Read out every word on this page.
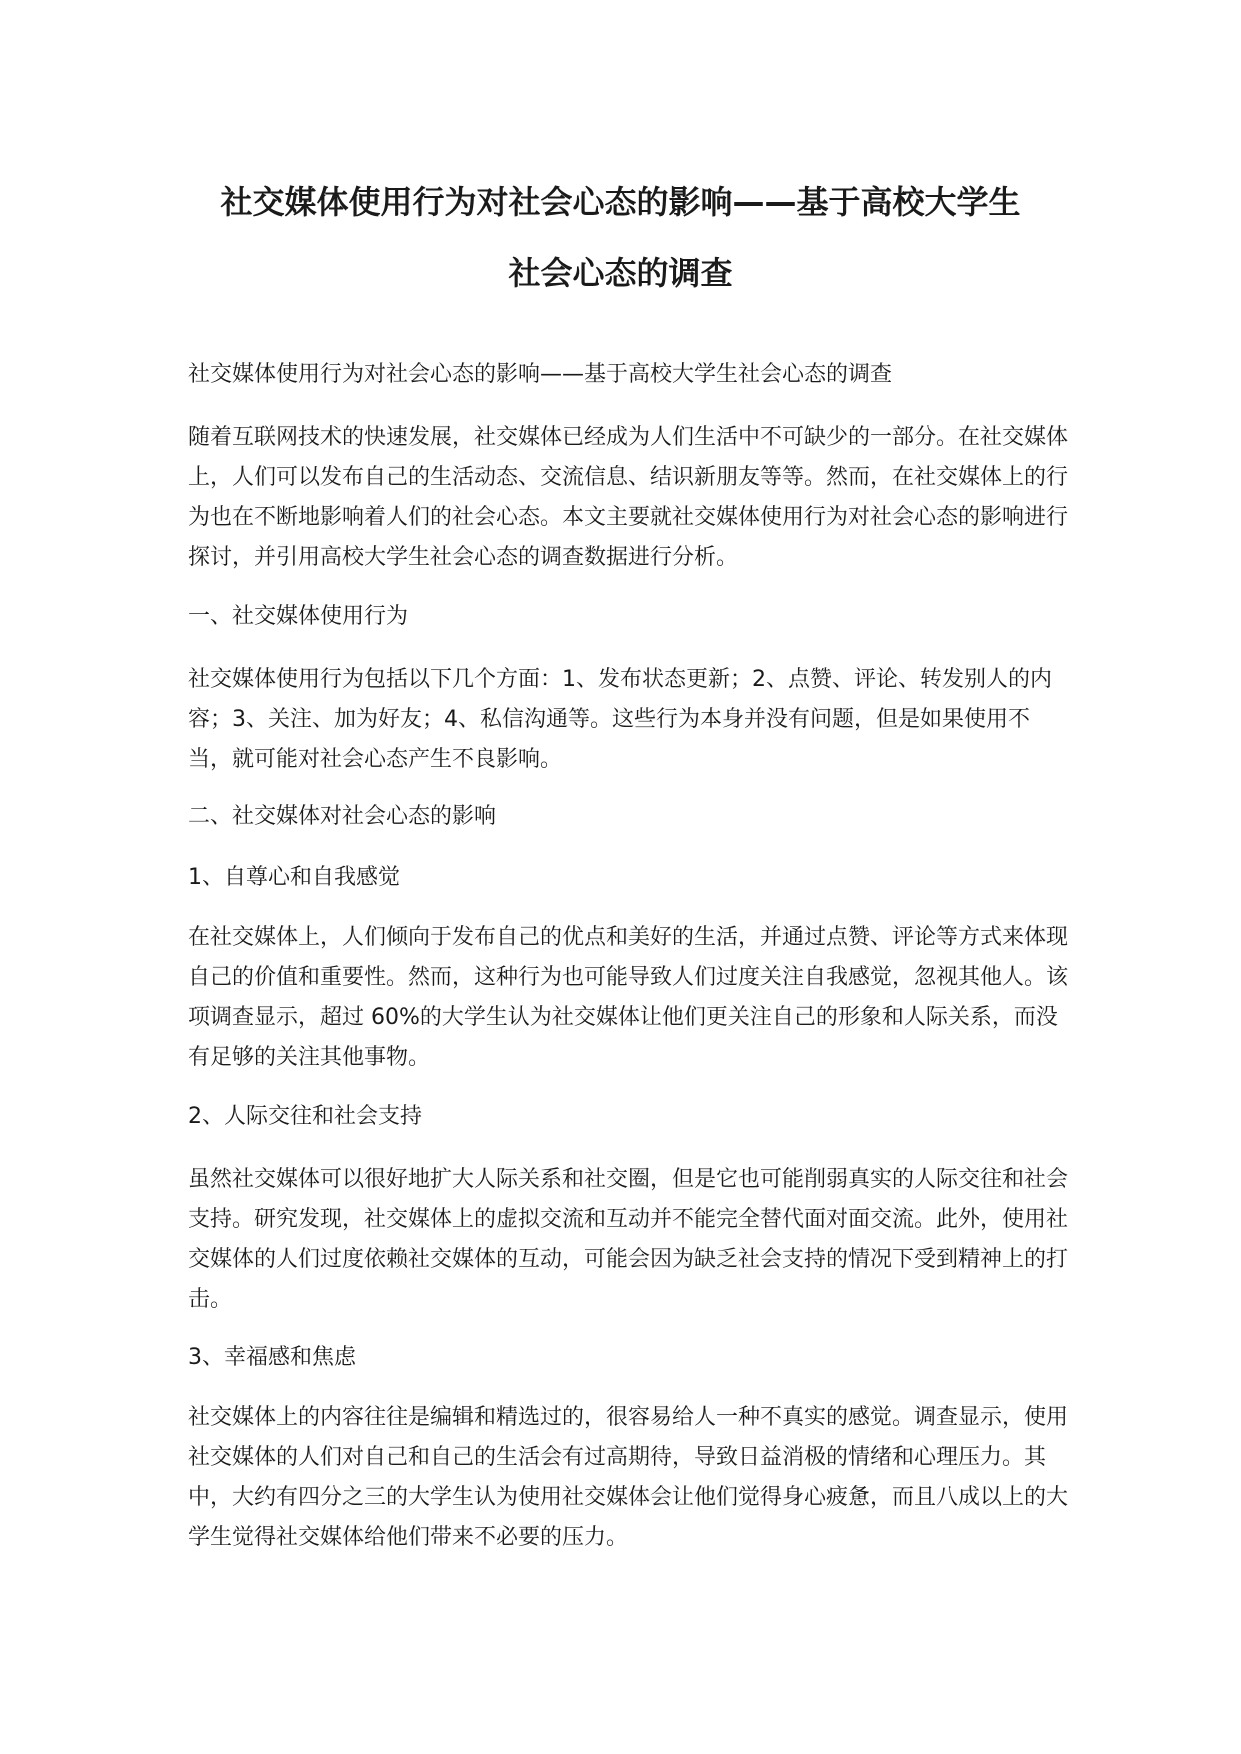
社交媒体使用行为对社会心态的影响——基于高校大学生
社会心态的调查

社交媒体使用行为对社会心态的影响——基于高校大学生社会心态的调查

随着互联网技术的快速发展，社交媒体已经成为人们生活中不可缺少的一部分。在社交媒体上，人们可以发布自己的生活动态、交流信息、结识新朋友等等。然而，在社交媒体上的行为也在不断地影响着人们的社会心态。本文主要就社交媒体使用行为对社会心态的影响进行探讨，并引用高校大学生社会心态的调查数据进行分析。

一、社交媒体使用行为

社交媒体使用行为包括以下几个方面：1、发布状态更新；2、点赞、评论、转发别人的内容；3、关注、加为好友；4、私信沟通等。这些行为本身并没有问题，但是如果使用不当，就可能对社会心态产生不良影响。

二、社交媒体对社会心态的影响

1、自尊心和自我感觉

在社交媒体上，人们倾向于发布自己的优点和美好的生活，并通过点赞、评论等方式来体现自己的价值和重要性。然而，这种行为也可能导致人们过度关注自我感觉，忽视其他人。该项调查显示，超过 60%的大学生认为社交媒体让他们更关注自己的形象和人际关系，而没有足够的关注其他事物。

2、人际交往和社会支持

虽然社交媒体可以很好地扩大人际关系和社交圈，但是它也可能削弱真实的人际交往和社会支持。研究发现，社交媒体上的虚拟交流和互动并不能完全替代面对面交流。此外，使用社交媒体的人们过度依赖社交媒体的互动，可能会因为缺乏社会支持的情况下受到精神上的打击。

3、幸福感和焦虑

社交媒体上的内容往往是编辑和精选过的，很容易给人一种不真实的感觉。调查显示，使用社交媒体的人们对自己和自己的生活会有过高期待，导致日益消极的情绪和心理压力。其中，大约有四分之三的大学生认为使用社交媒体会让他们觉得身心疲惫，而且八成以上的大学生觉得社交媒体给他们带来不必要的压力。
